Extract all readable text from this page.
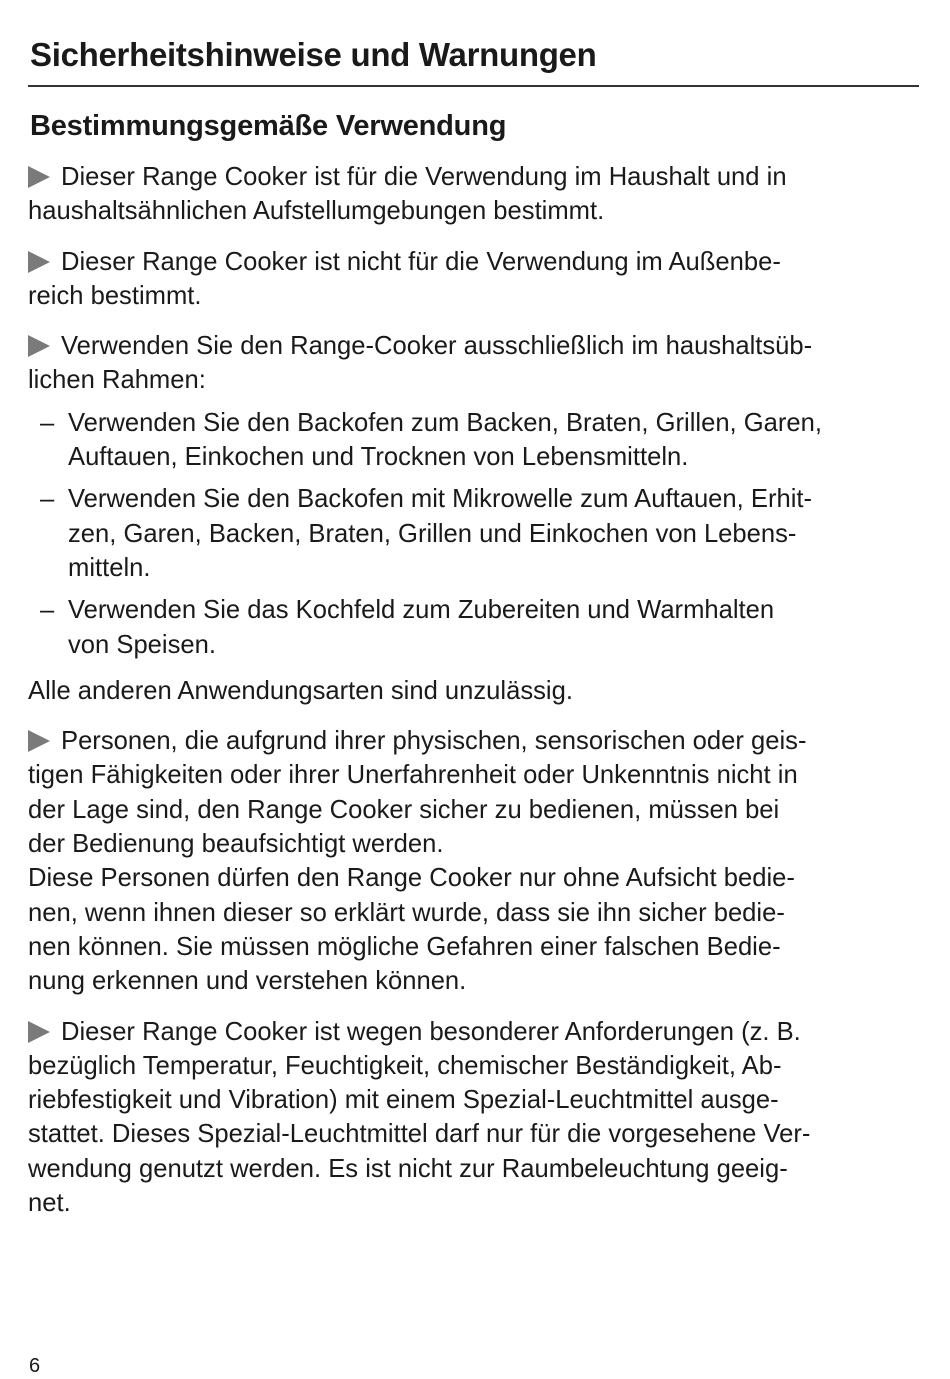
Sicherheitshinweise und Warnungen
Bestimmungsgemäße Verwendung
Dieser Range Cooker ist für die Verwendung im Haushalt und in
haushaltsähnlichen Aufstellumgebungen bestimmt.
Dieser Range Cooker ist nicht für die Verwendung im Außenbe-
reich bestimmt.
Verwenden Sie den Range-Cooker ausschließlich im haushaltsüb-
lichen Rahmen:
– Verwenden Sie den Backofen zum Backen, Braten, Grillen, Garen,
Auftauen, Einkochen und Trocknen von Lebensmitteln.
– Verwenden Sie den Backofen mit Mikrowelle zum Auftauen, Erhit-
zen, Garen, Backen, Braten, Grillen und Einkochen von Lebens-
mitteln.
– Verwenden Sie das Kochfeld zum Zubereiten und Warmhalten
von Speisen.
Alle anderen Anwendungsarten sind unzulässig.
Personen, die aufgrund ihrer physischen, sensorischen oder geis-
tigen Fähigkeiten oder ihrer Unerfahrenheit oder Unkenntnis nicht in
der Lage sind, den Range Cooker sicher zu bedienen, müssen bei
der Bedienung beaufsichtigt werden.
Diese Personen dürfen den Range Cooker nur ohne Aufsicht bedie-
nen, wenn ihnen dieser so erklärt wurde, dass sie ihn sicher bedie-
nen können. Sie müssen mögliche Gefahren einer falschen Bedie-
nung erkennen und verstehen können.
Dieser Range Cooker ist wegen besonderer Anforderungen (z. B.
bezüglich Temperatur, Feuchtigkeit, chemischer Beständigkeit, Ab-
riebfestigkeit und Vibration) mit einem Spezial-Leuchtmittel ausge-
stattet. Dieses Spezial-Leuchtmittel darf nur für die vorgesehene Ver-
wendung genutzt werden. Es ist nicht zur Raumbeleuchtung geeig-
net.
6
